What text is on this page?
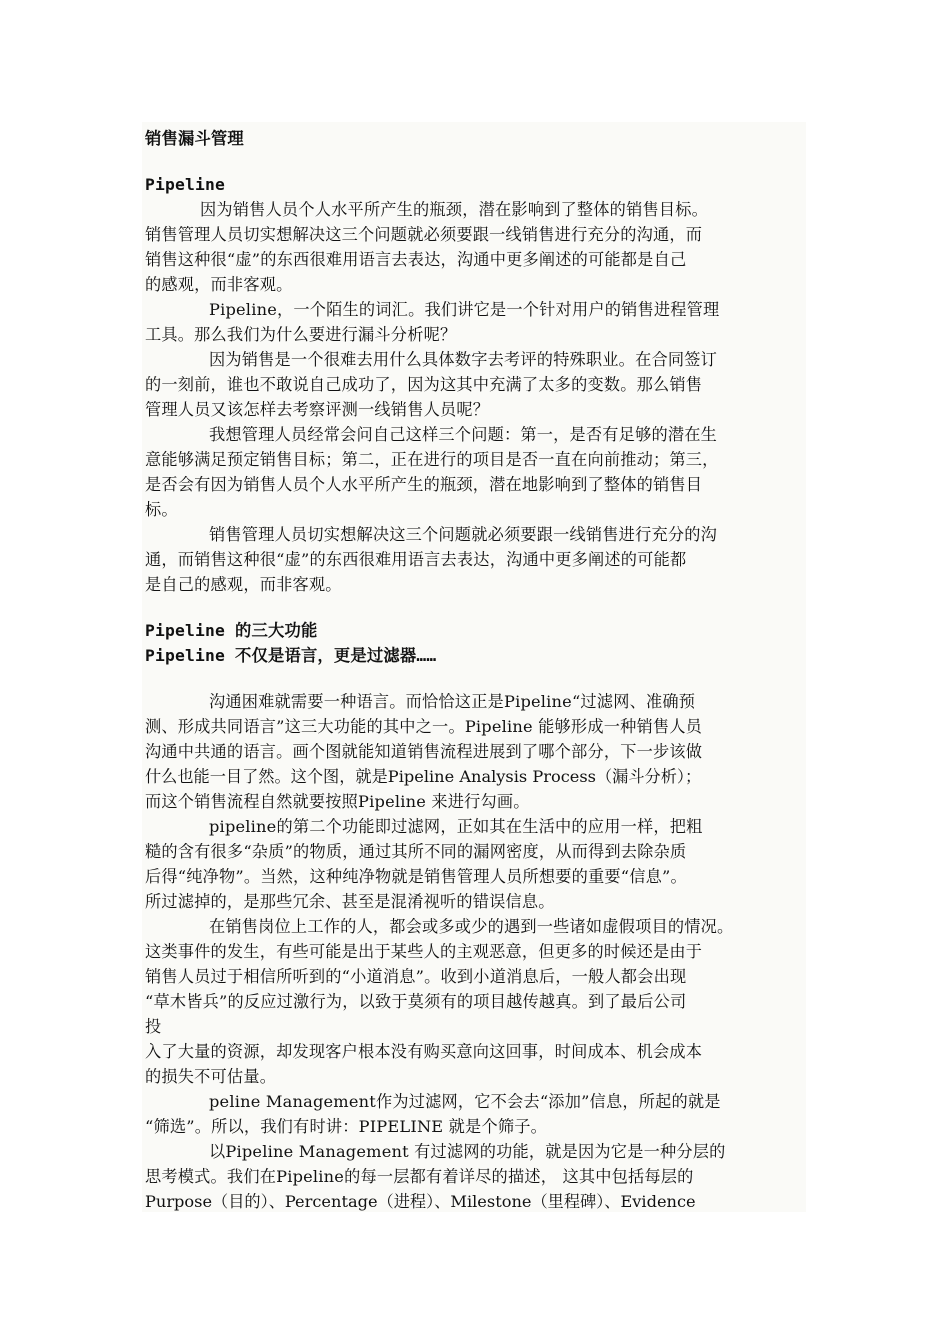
销售漏斗管理
Pipeline
因为销售人员个人水平所产生的瓶颈，潜在影响到了整体的销售目标。
销售管理人员切实想解决这三个问题就必须要跟一线销售进行充分的沟通，而
销售这种很“虚”的东西很难用语言去表达，沟通中更多阐述的可能都是自己
的感观，而非客观。
Pipeline，一个陌生的词汇。我们讲它是一个针对用户的销售进程管理
工具。那么我们为什么要进行漏斗分析呢？
因为销售是一个很难去用什么具体数字去考评的特殊职业。在合同签订
的一刻前，谁也不敢说自己成功了，因为这其中充满了太多的变数。那么销售
管理人员又该怎样去考察评测一线销售人员呢？
我想管理人员经常会问自己这样三个问题：第一，是否有足够的潜在生
意能够满足预定销售目标；第二，正在进行的项目是否一直在向前推动；第三，
是否会有因为销售人员个人水平所产生的瓶颈，潜在地影响到了整体的销售目
标。
销售管理人员切实想解决这三个问题就必须要跟一线销售进行充分的沟
通，而销售这种很“虚”的东西很难用语言去表达，沟通中更多阐述的可能都
是自己的感观，而非客观。
Pipeline 的三大功能
Pipeline 不仅是语言，更是过滤器……
沟通困难就需要一种语言。而恰恰这正是Pipeline“过滤网、准确预
测、形成共同语言”这三大功能的其中之一。Pipeline 能够形成一种销售人员
沟通中共通的语言。画个图就能知道销售流程进展到了哪个部分，下一步该做
什么也能一目了然。这个图，就是Pipeline Analysis Process（漏斗分析）；
而这个销售流程自然就要按照Pipeline 来进行勾画。
pipeline的第二个功能即过滤网，正如其在生活中的应用一样，把粗
糙的含有很多“杂质”的物质，通过其所不同的漏网密度，从而得到去除杂质
后得“纯净物”。当然，这种纯净物就是销售管理人员所想要的重要“信息”。
所过滤掉的，是那些冗余、甚至是混淆视听的错误信息。
在销售岗位上工作的人，都会或多或少的遇到一些诸如虚假项目的情况。
这类事件的发生，有些可能是出于某些人的主观恶意，但更多的时候还是由于
销售人员过于相信所听到的“小道消息”。收到小道消息后，一般人都会出现
“草木皆兵”的反应过激行为，以致于莫须有的项目越传越真。到了最后公司
投
入了大量的资源，却发现客户根本没有购买意向这回事，时间成本、机会成本
的损失不可估量。
peline Management作为过滤网，它不会去“添加”信息，所起的就是
“筛选”。所以，我们有时讲：PIPELINE 就是个筛子。
以Pipeline Management 有过滤网的功能，就是因为它是一种分层的
思考模式。我们在Pipeline的每一层都有着详尽的描述， 这其中包括每层的
Purpose（目的）、Percentage（进程）、Milestone（里程碑）、Evidence
